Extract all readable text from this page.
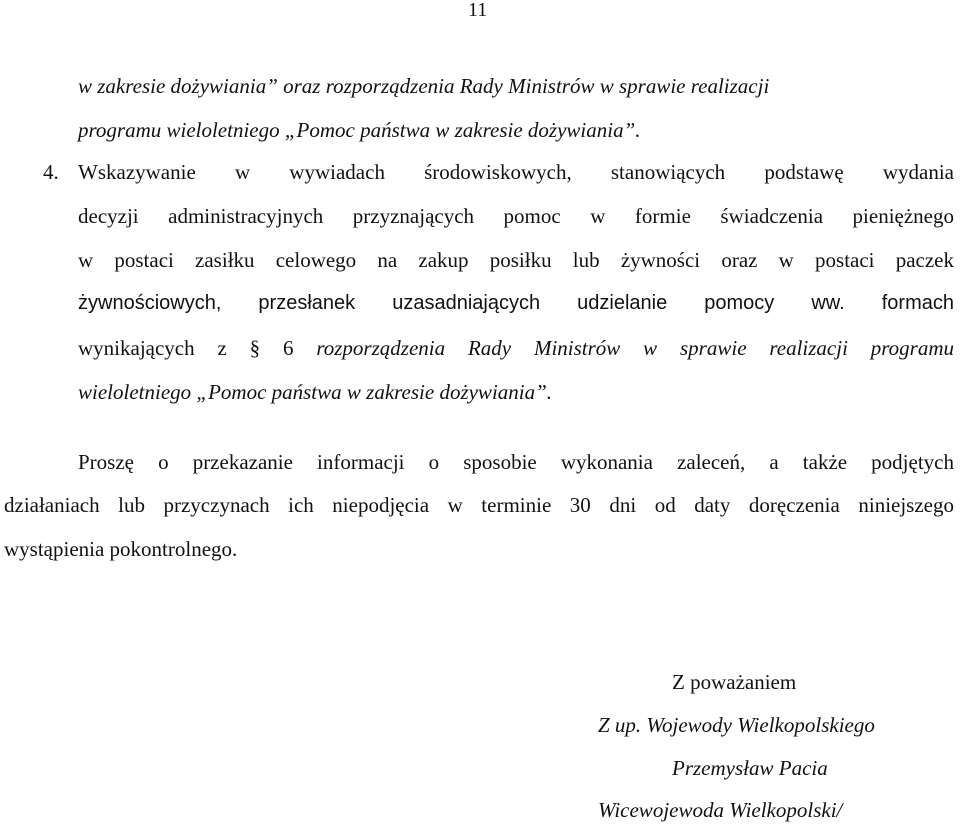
11
w zakresie dożywiania” oraz rozporządzenia Rady Ministrów w sprawie realizacji
programu wieloletniego „Pomoc państwa w zakresie dożywiania”.
4. Wskazywanie w wywiadach środowiskowych, stanowiących podstawę wydania
decyzji administracyjnych przyznających pomoc w formie świadczenia pieniężnego
w postaci zasiłku celowego na zakup posiłku lub żywności oraz w postaci paczek
żywnościowych, przesłanek uzasadniających udzielanie pomocy ww. formach
wynikających z § 6 rozporządzenia Rady Ministrów w sprawie realizacji programu
wieloletniego „Pomoc państwa w zakresie dożywiania”.
Proszę o przekazanie informacji o sposobie wykonania zaleceń, a także podjętych
działaniach lub przyczynach ich niepodjęcia w terminie 30 dni od daty doręczenia niniejszego
wystąpienia pokontrolnego.
Z poważaniem
Z up. Wojewody Wielkopolskiego
Przemysław Pacia
Wicewojewoda Wielkopolski/
